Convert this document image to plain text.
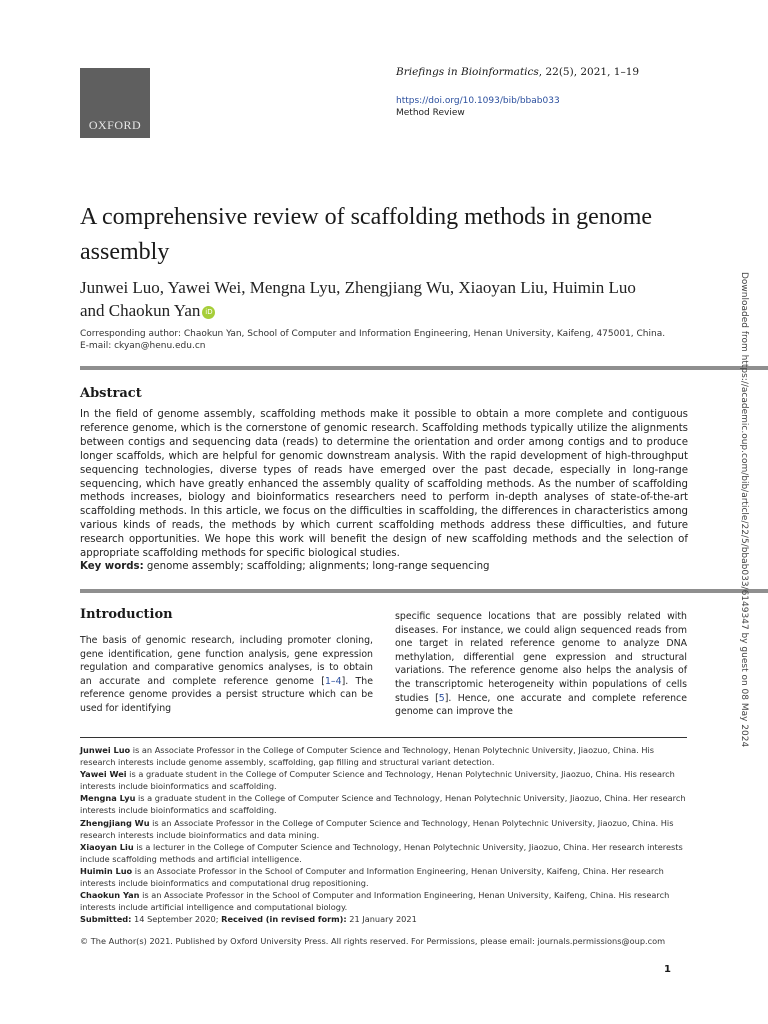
OXFORD
Briefings in Bioinformatics, 22(5), 2021, 1–19
https://doi.org/10.1093/bib/bbab033
Method Review
A comprehensive review of scaffolding methods in genome assembly
Junwei Luo, Yawei Wei, Mengna Lyu, Zhengjiang Wu, Xiaoyan Liu, Huimin Luo and Chaokun Yan iD
Corresponding author: Chaokun Yan, School of Computer and Information Engineering, Henan University, Kaifeng, 475001, China.
E-mail: ckyan@henu.edu.cn
Abstract
In the field of genome assembly, scaffolding methods make it possible to obtain a more complete and contiguous reference genome, which is the cornerstone of genomic research. Scaffolding methods typically utilize the alignments between contigs and sequencing data (reads) to determine the orientation and order among contigs and to produce longer scaffolds, which are helpful for genomic downstream analysis. With the rapid development of high-throughput sequencing technologies, diverse types of reads have emerged over the past decade, especially in long-range sequencing, which have greatly enhanced the assembly quality of scaffolding methods. As the number of scaffolding methods increases, biology and bioinformatics researchers need to perform in-depth analyses of state-of-the-art scaffolding methods. In this article, we focus on the difficulties in scaffolding, the differences in characteristics among various kinds of reads, the methods by which current scaffolding methods address these difficulties, and future research opportunities. We hope this work will benefit the design of new scaffolding methods and the selection of appropriate scaffolding methods for specific biological studies.
Key words: genome assembly; scaffolding; alignments; long-range sequencing
Introduction
The basis of genomic research, including promoter cloning, gene identification, gene function analysis, gene expression regulation and comparative genomics analyses, is to obtain an accurate and complete reference genome [1–4]. The reference genome provides a persist structure which can be used for identifying
specific sequence locations that are possibly related with diseases. For instance, we could align sequenced reads from one target in related reference genome to analyze DNA methylation, differential gene expression and structural variations. The reference genome also helps the analysis of the transcriptomic heterogeneity within populations of cells studies [5]. Hence, one accurate and complete reference genome can improve the

Junwei Luo is an Associate Professor in the College of Computer Science and Technology, Henan Polytechnic University, Jiaozuo, China. His research interests include genome assembly, scaffolding, gap filling and structural variant detection.

Yawei Wei is a graduate student in the College of Computer Science and Technology, Henan Polytechnic University, Jiaozuo, China. His research interests include bioinformatics and scaffolding.

Mengna Lyu is a graduate student in the College of Computer Science and Technology, Henan Polytechnic University, Jiaozuo, China. Her research interests include bioinformatics and scaffolding.

Zhengjiang Wu is an Associate Professor in the College of Computer Science and Technology, Henan Polytechnic University, Jiaozuo, China. His research interests include bioinformatics and data mining.

Xiaoyan Liu is a lecturer in the College of Computer Science and Technology, Henan Polytechnic University, Jiaozuo, China. Her research interests include scaffolding methods and artificial intelligence.

Huimin Luo is an Associate Professor in the School of Computer and Information Engineering, Henan University, Kaifeng, China. Her research interests include bioinformatics and computational drug repositioning.

Chaokun Yan is an Associate Professor in the School of Computer and Information Engineering, Henan University, Kaifeng, China. His research interests include artificial intelligence and computational biology.

Submitted: 14 September 2020; Received (in revised form): 21 January 2021

© The Author(s) 2021. Published by Oxford University Press. All rights reserved. For Permissions, please email: journals.permissions@oup.com
1
Downloaded from https://academic.oup.com/bib/article/22/5/bbab033/6149347 by guest on 08 May 2024
